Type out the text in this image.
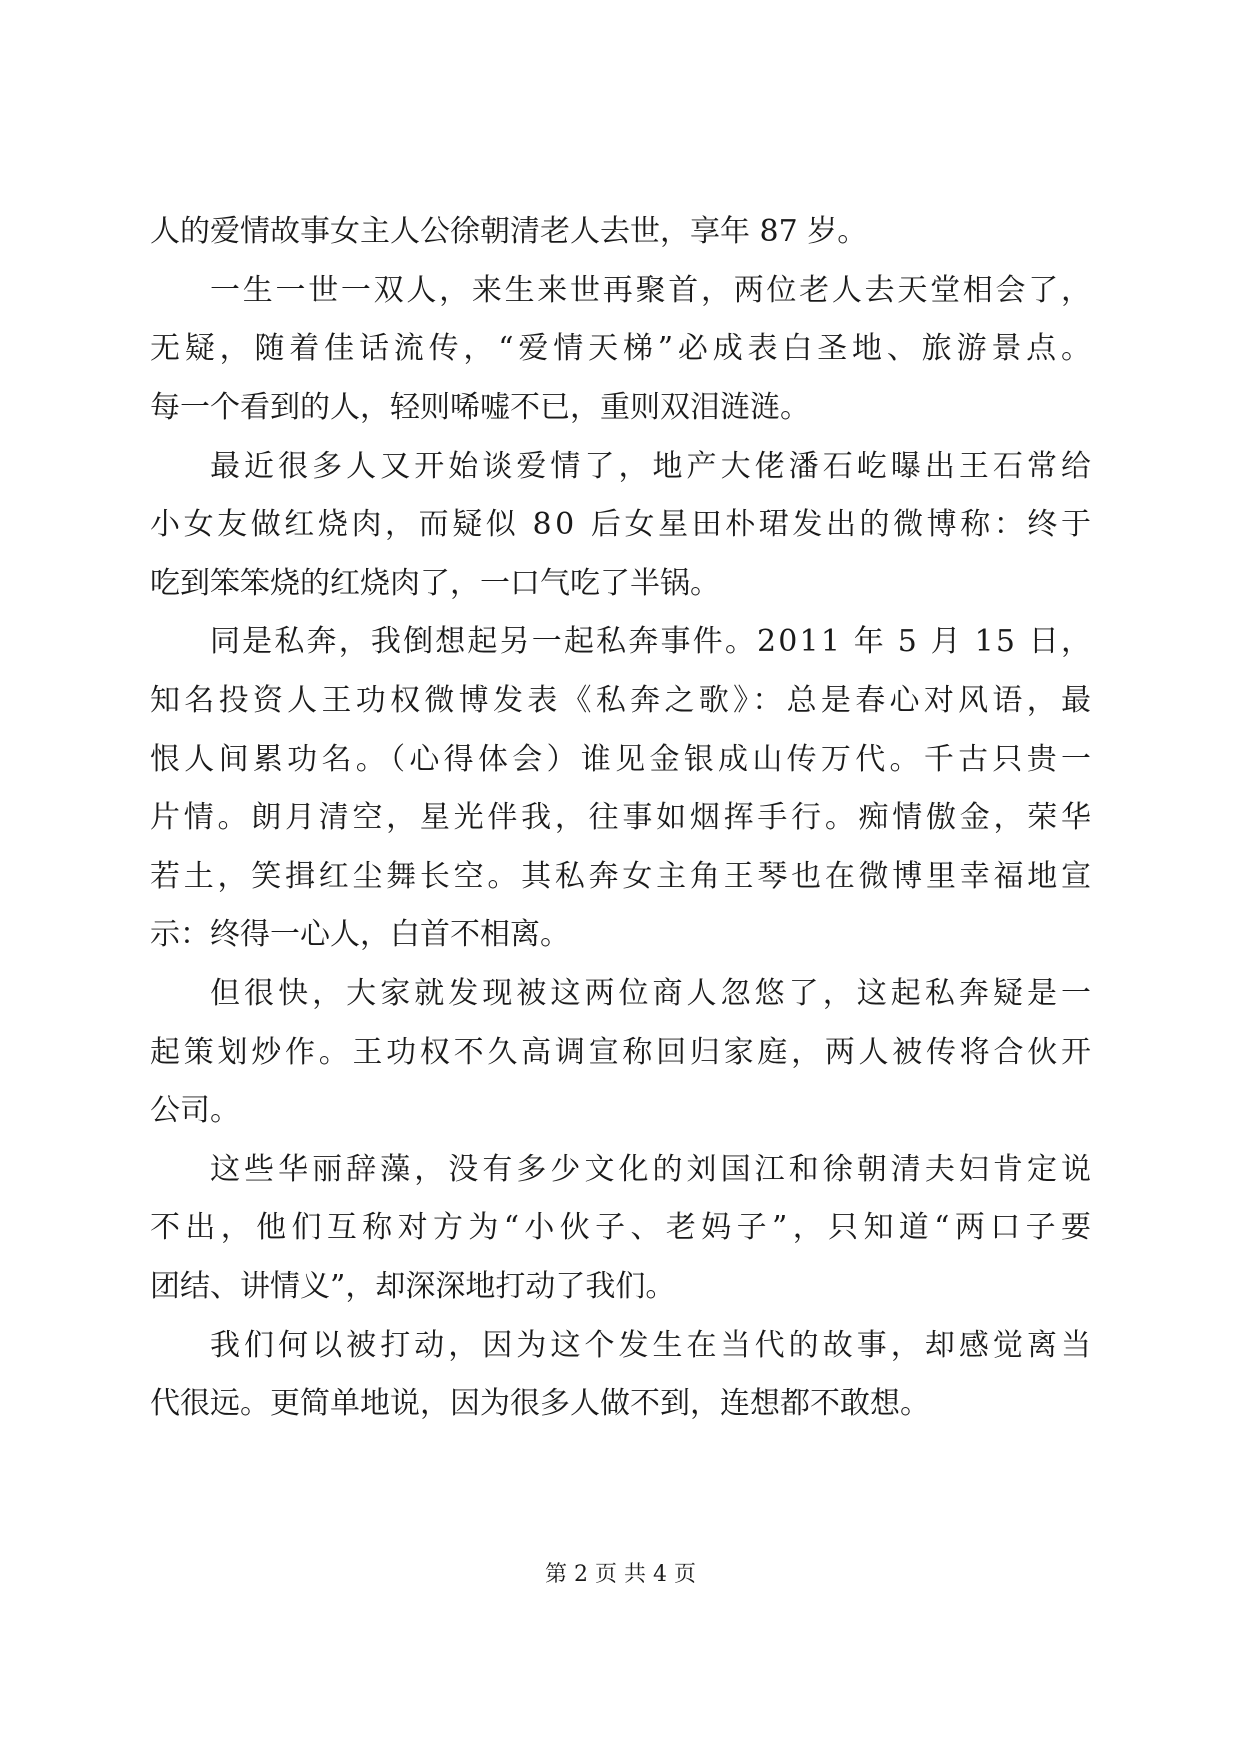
人的爱情故事女主人公徐朝清老人去世，享年 87 岁。
一生一世一双人，来生来世再聚首，两位老人去天堂相会了，
无疑，随着佳话流传，“爱情天梯”必成表白圣地、旅游景点。
每一个看到的人，轻则唏嘘不已，重则双泪涟涟。
最近很多人又开始谈爱情了，地产大佬潘石屹曝出王石常给
小女友做红烧肉，而疑似 80 后女星田朴珺发出的微博称：终于
吃到笨笨烧的红烧肉了，一口气吃了半锅。
同是私奔，我倒想起另一起私奔事件。2011 年 5 月 15 日，
知名投资人王功权微博发表《私奔之歌》：总是春心对风语，最
恨人间累功名。（心得体会）谁见金银成山传万代。千古只贵一
片情。朗月清空，星光伴我，往事如烟挥手行。痴情傲金，荣华
若土，笑揖红尘舞长空。其私奔女主角王琴也在微博里幸福地宣
示：终得一心人，白首不相离。
但很快，大家就发现被这两位商人忽悠了，这起私奔疑是一
起策划炒作。王功权不久高调宣称回归家庭，两人被传将合伙开
公司。
这些华丽辞藻，没有多少文化的刘国江和徐朝清夫妇肯定说
不出，他们互称对方为“小伙子、老妈子”，只知道“两口子要
团结、讲情义”，却深深地打动了我们。
我们何以被打动，因为这个发生在当代的故事，却感觉离当
代很远。更简单地说，因为很多人做不到，连想都不敢想。
第 2 页 共 4 页
